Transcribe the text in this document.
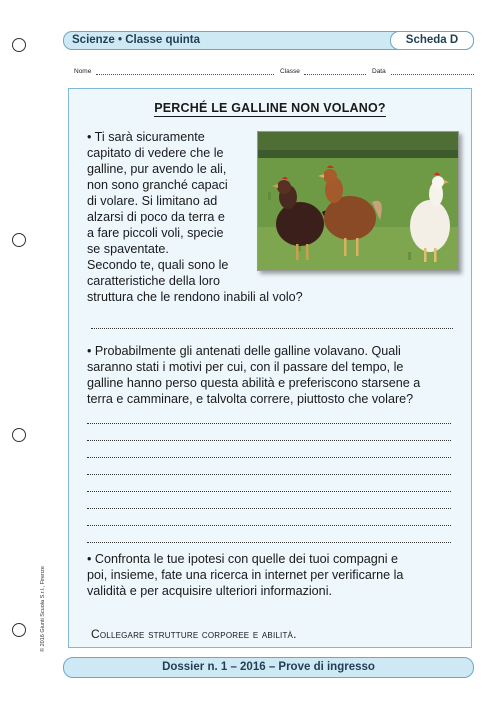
Scienze • Classe quinta	Scheda D
Nome	Classe	Data
PERCHÉ LE GALLINE NON VOLANO?
• Ti sarà sicuramente
capitato di vedere che le
galline, pur avendo le ali,
non sono granché capaci
di volare. Si limitano ad
alzarsi di poco da terra e
a fare piccoli voli, specie
se spaventate.
Secondo te, quali sono le
caratteristiche della loro
struttura che le rendono inabili al volo?
• Probabilmente gli antenati delle galline volavano. Quali
saranno stati i motivi per cui, con il passare del tempo, le
galline hanno perso questa abilità e preferiscono starsene a
terra e camminare, e talvolta correre, piuttosto che volare?
• Confronta le tue ipotesi con quelle dei tuoi compagni e
poi, insieme, fate una ricerca in internet per verificarne la
validità e per acquisire ulteriori informazioni.
Collegare strutture corporee e abilità.
© 2016 Giunti Scuola S.r.l., Firenze
Dossier n. 1 – 2016 – Prove di ingresso
